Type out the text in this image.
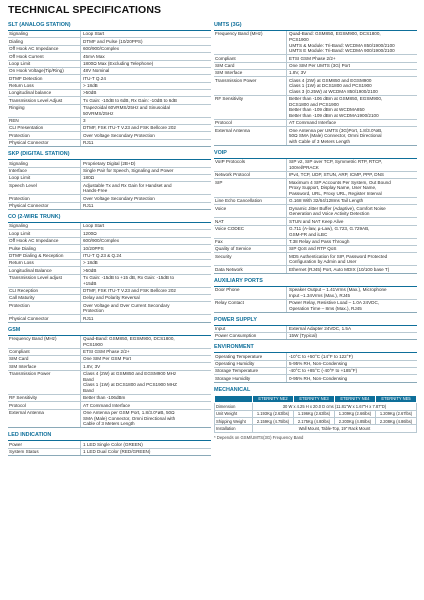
TECHNICAL SPECIFICATIONS
SLT (ANALOG STATION)
Signaling	Loop Start

Dialing	DTMF and Pulse (10/20PPS)

Off Hook AC Impedance	600/900/Complex

Off Hook Current	45mA Max

Loop Limit	1800Ω Max (Excluding Telephone)

On Hook Voltage(Tip/Ring)	48V Nominal

DTMF Detection	ITU-T Q.24

Return Loss	> 18dB

Longitudinal balance	>50dB

Transmission Level Adjust	Tx Gain: -10dB to 6dB, Rx Gain: -10dB to 6dB

Ringing	Trapezoidal 60VRMS/25Hz and Sinusoidal
50VRMS/25Hz

REN	3

CLI Presentation	DTMF, FSK ITU-T V.23 and FSK Bellcore 202

Protection	Over Voltage Secondary Protection

Physical Connector	RJ11
SKP (DIGITAL STATION)
Signaling	Proprietary Digital (2B+D)

Interface	Single Pair for Speech, Signaling and Power

Loop Limit	180Ω

Speech Level	Adjustable Tx and Rx Gain for Handset and
Hands-Free

Protection	Over Voltage Secondary Protection

Physical Connector	RJ11
CO (2-WIRE TRUNK)
Signaling	Loop Start

Loop Limit	1200Ω

Off Hook AC Impedance	600/900/Complex

Pulse Dialing	10/20PPS

DTMF Dialing & Reception	ITU-T Q.23 & Q.24

Return Loss	> 18dB

Longitudinal Balance	>50dB

Transmission Level adjust	Tx Gain: -15dB to +15 dB, Rx Gain: -15dB to
+15dB

CLI Reception	DTMF, FSK ITU-T V.23 and FSK Bellcore 202

Call Maturity	Delay and Polarity Reversal

Protection	Over Voltage and Over Current Secondary
Protection

Physical Connector	RJ11
GSM
Frequency Band (MHz)	Quad-Band: GSM850, EGSM900, DCS1800,
PCS1900

Compliant	ETSI GSM Phase 2/2+

SIM Card	One SIM Per GSM Port

SIM Interface	1.8V, 3V

Transmission Power	Class 4 (2W) at GSM850 and EGSM900 MHz
Band
Class 1 (1W) at DCS1800 and PCS1900 MHZ
Band

RF Sensitivity	Better than -106dBm

Protocol	AT Command Interface

External Antenna	One Antenna per GSM Port, 1.8/3.0*øB, 50Ω
SMA (Male) Connector, Omni Directional with
Cable of 3 Meters Length
LED INDICATION
Power	1 LED Single Color (GREEN)

System Status	1 LED Dual Color (RED/GREEN)
UMTS (3G)
Frequency Band (MHz)	Quad-Band: GSM850, EGSM900, DCS1800,
PCS1900
UMTS & Module: Tri-Band: WCDMA 850/1900/2100
UMTS E Module: Tri-Band: WCDMA 900/1900/2100

Compliant	ETSI GSM Phase 2/2+

SIM Card	One SIM Per UMTS (3G) Port

SIM Interface	1.8V, 3V

Transmission Power	Class 4 (2W) at GSM850 and EGSM900
Class 1 (1W) at DCS1800 and PCS1900
Class 3 (0.25W) at WCDMA 850/1900/2100

RF Sensitivity	Better than -106 dBm at GSM850, EGSM900,
DCS1800 and PCS1900
Better than -109 dBm at WCDMA850
Better than -109 dBm at WCDMA1900/2100

Protocol	AT Command Interface

External Antenna	One Antenna per UMTS (3G)Port, 1.8/3.0*øB,
50Ω SMA (Male) Connector, Omni Directional
with Cable of 3 Meters Length
VOIP
VoIP Protocols	SIP v2, SIP over TCP, Symmetric RTP, RTCP,
100rel/PRACK

Network Protocol	IPv4, TCP, UDP, STUN, ARP, ICMP, PPP, DNS

SIP	Maximum 4 SIP Accounts Per System, Out Bound
Proxy Support, Display Name, User Name,
Password, URL, Proxy URL, Register Interval

Line Echo Cancellation	G.168 With 32/64/128ms Tail Length

Voice	Dynamic Jitter Buffer (Adaptive), Comfort Noise
Generation and Voice Activity Detection

NAT	STUN and NAT Keep Alive

Voice CODEC	G.711 (A-law, µ-Law), G.723, G.729AB,
GSM-FR and iLBC

Fax	T.38 Relay and Pass Through

Quality of Service	SIP QoS and RTP QoS

Security	MD5 Authentication for SIP, Password Protected
Configuration by Admin and User

Data Network	Ethernet (RJ45) Port, Auto MDIX (10/100 base T)
AUXILIARY PORTS
Door Phone	Speaker Output – 1.41Vrms (Max.), Microphone
Input –1.34Vrms (Max.), RJ45

Relay Contact	Power Relay, Resistive Load – 1.0A 24VDC,
Operation Time – 8ms (Max.), RJ45
POWER SUPPLY
Input	External Adapter 24VDC, 1.5A

Power Consumption	15W (Typical)
ENVIRONMENT
Operating Temperature	-10°C to +50°C (14°F to 122°F)

Operating Humidity	5-95% RH, Non-Condensing

Storage Temperature	-40°C to +85°C (-40°F to +185°F)

Storage Humidity	0-95% RH, Non-Condensing
MECHANICAL
	ETERNITY NE2	ETERNITY NE3	ETERNITY NE4	ETERNITY NE5
Dimension	30 W x 4.25 H x 20.0 D cms (11.81"W x 1.67"H x 7.87"D)			
Unit Weight	1.193Kg (2.63lbs)	1.196Kg (2.63lbs)	1.209Kg (2.66lbs)	1.209Kg (2.67lbs)
Shipping Weight	2.159Kg (4.75lbs)	2.175Kg (4.80lbs)	2.200Kg (4.85lbs)	2.208Kg (4.86lbs)
Installation	Wall Mount, Table-Top, 19" Rack Mount			
* Depends on GSM/UMTS(3G) Frequency Band
